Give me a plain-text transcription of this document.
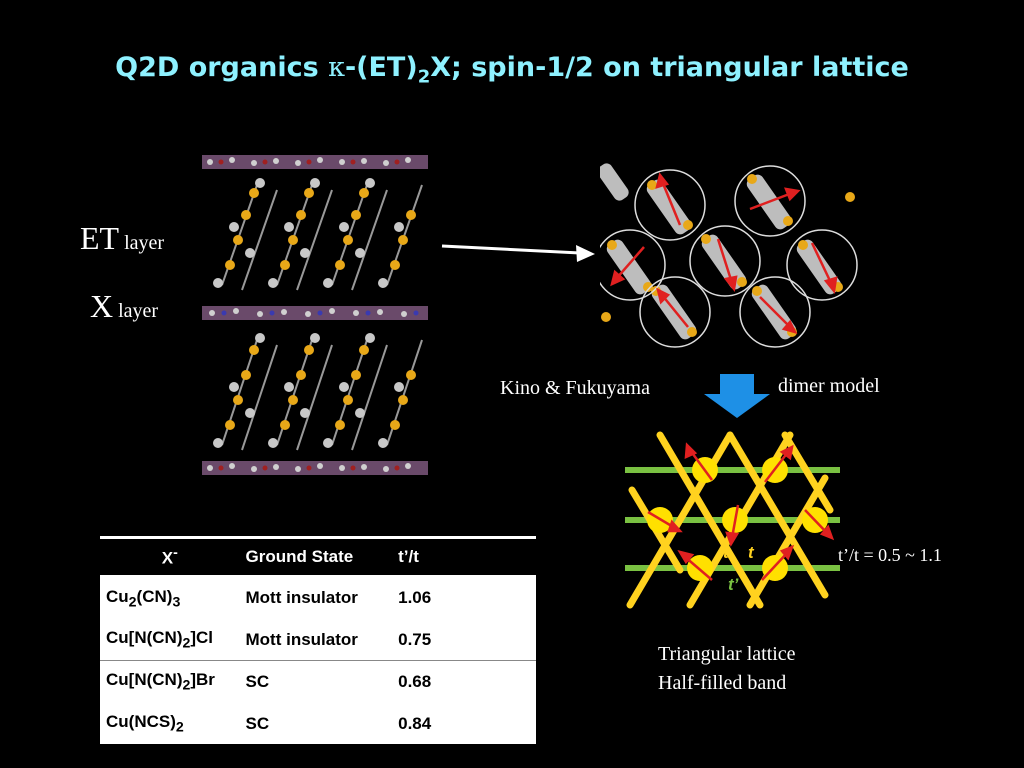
Q2D organics $\kappa-(ET)_2X$; spin-1/2 on triangular lattice
ET layer
X layer
Kino & Fukuyama	dimer model
t t
t’
t’/t = 0.5 ~ 1.1
Triangular lattice
Half-filled band
X-	Ground State	t’/t
$Cu_2(CN)_3$	Mott insulator	1.06
$Cu[N(CN)_2]Cl$	Mott insulator	0.75
$Cu[N(CN)_2]Br$	SC	0.68
$Cu(NCS)_2$	SC	0.84
